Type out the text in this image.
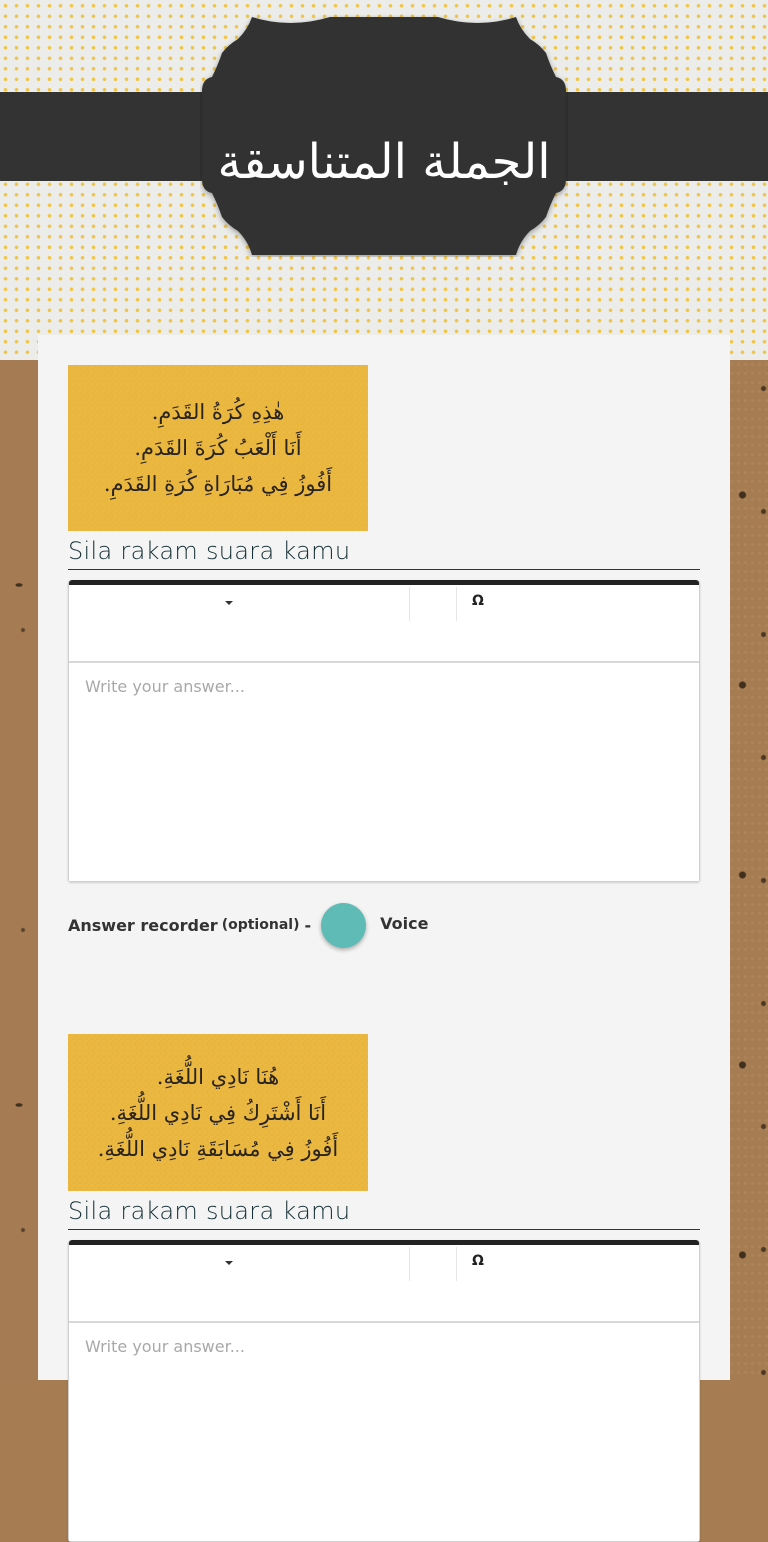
الجملة المتناسقة
هٰذِهِ كُرَةُ القَدَمِ.
أَنَا أَلْعَبُ كُرَةَ القَدَمِ.
أَفُوزُ فِي مُبَارَاةِ كُرَةِ القَدَمِ.
Sila rakam suara kamu
Ω
Write your answer...
Answer recorder (optional) -	Voice
هُنَا نَادِي اللُّغَةِ.
أَنَا أَشْتَرِكُ فِي نَادِي اللُّغَةِ.
أَفُوزُ فِي مُسَابَقَةِ نَادِي اللُّغَةِ.
Sila rakam suara kamu
Ω
Write your answer...
